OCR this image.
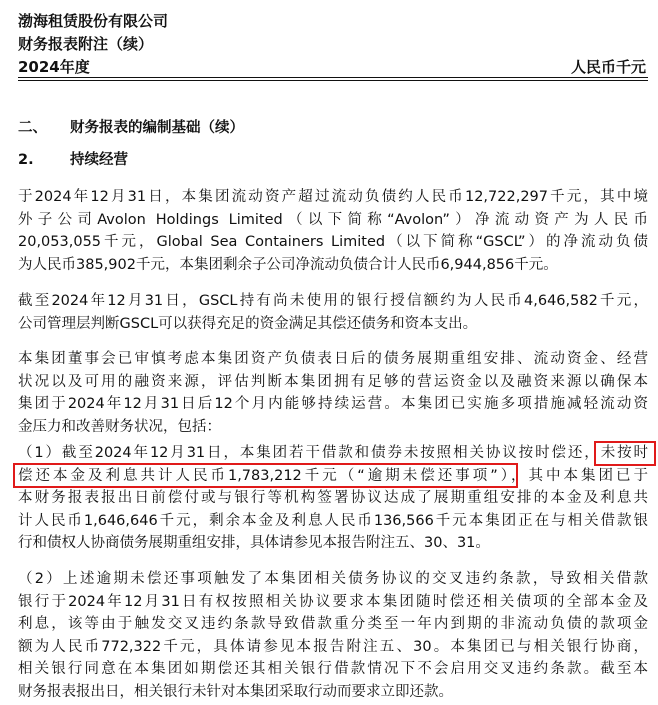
渤海租赁股份有限公司
财务报表附注（续）
2024年度	人民币千元
二、 财务报表的编制基础（续）
2.	持续经营
于2024年12月31日，本集团流动资产超过流动负债约人民币12,722,297千元，其中境
外子公司Avolon Holdings Limited（以下简称“Avolon”）净流动资产为人民币
20,053,055千元，Global Sea Containers Limited（以下简称“GSCL”）的净流动负债
为人民币385,902千元，本集团剩余子公司净流动负债合计人民币6,944,856千元。
截至2024年12月31日，GSCL持有尚未使用的银行授信额约为人民币4,646,582千元，
公司管理层判断GSCL可以获得充足的资金满足其偿还债务和资本支出。
本集团董事会已审慎考虑本集团资产负债表日后的债务展期重组安排、流动资金、经营
状况以及可用的融资来源，评估判断本集团拥有足够的营运资金以及融资来源以确保本
集团于2024年12月31日后12个月内能够持续运营。本集团已实施多项措施减轻流动资
金压力和改善财务状况，包括：
（1）截至2024年12月31日，本集团若干借款和债券未按照相关协议按时偿还，未按时
偿还本金及利息共计人民币1,783,212千元（“逾期未偿还事项”），其中本集团已于
本财务报表报出日前偿付或与银行等机构签署协议达成了展期重组安排的本金及利息共
计人民币1,646,646千元，剩余本金及利息人民币136,566千元本集团正在与相关借款银
行和债权人协商债务展期重组安排，具体请参见本报告附注五、30、31。
（2）上述逾期未偿还事项触发了本集团相关债务协议的交叉违约条款，导致相关借款
银行于2024年12月31日有权按照相关协议要求本集团随时偿还相关债项的全部本金及
利息，该等由于触发交叉违约条款导致借款重分类至一年内到期的非流动负债的款项金
额为人民币772,322千元，具体请参见本报告附注五、30。本集团已与相关银行协商，
相关银行同意在本集团如期偿还其相关银行借款情况下不会启用交叉违约条款。截至本
财务报表报出日，相关银行未针对本集团采取行动而要求立即还款。
